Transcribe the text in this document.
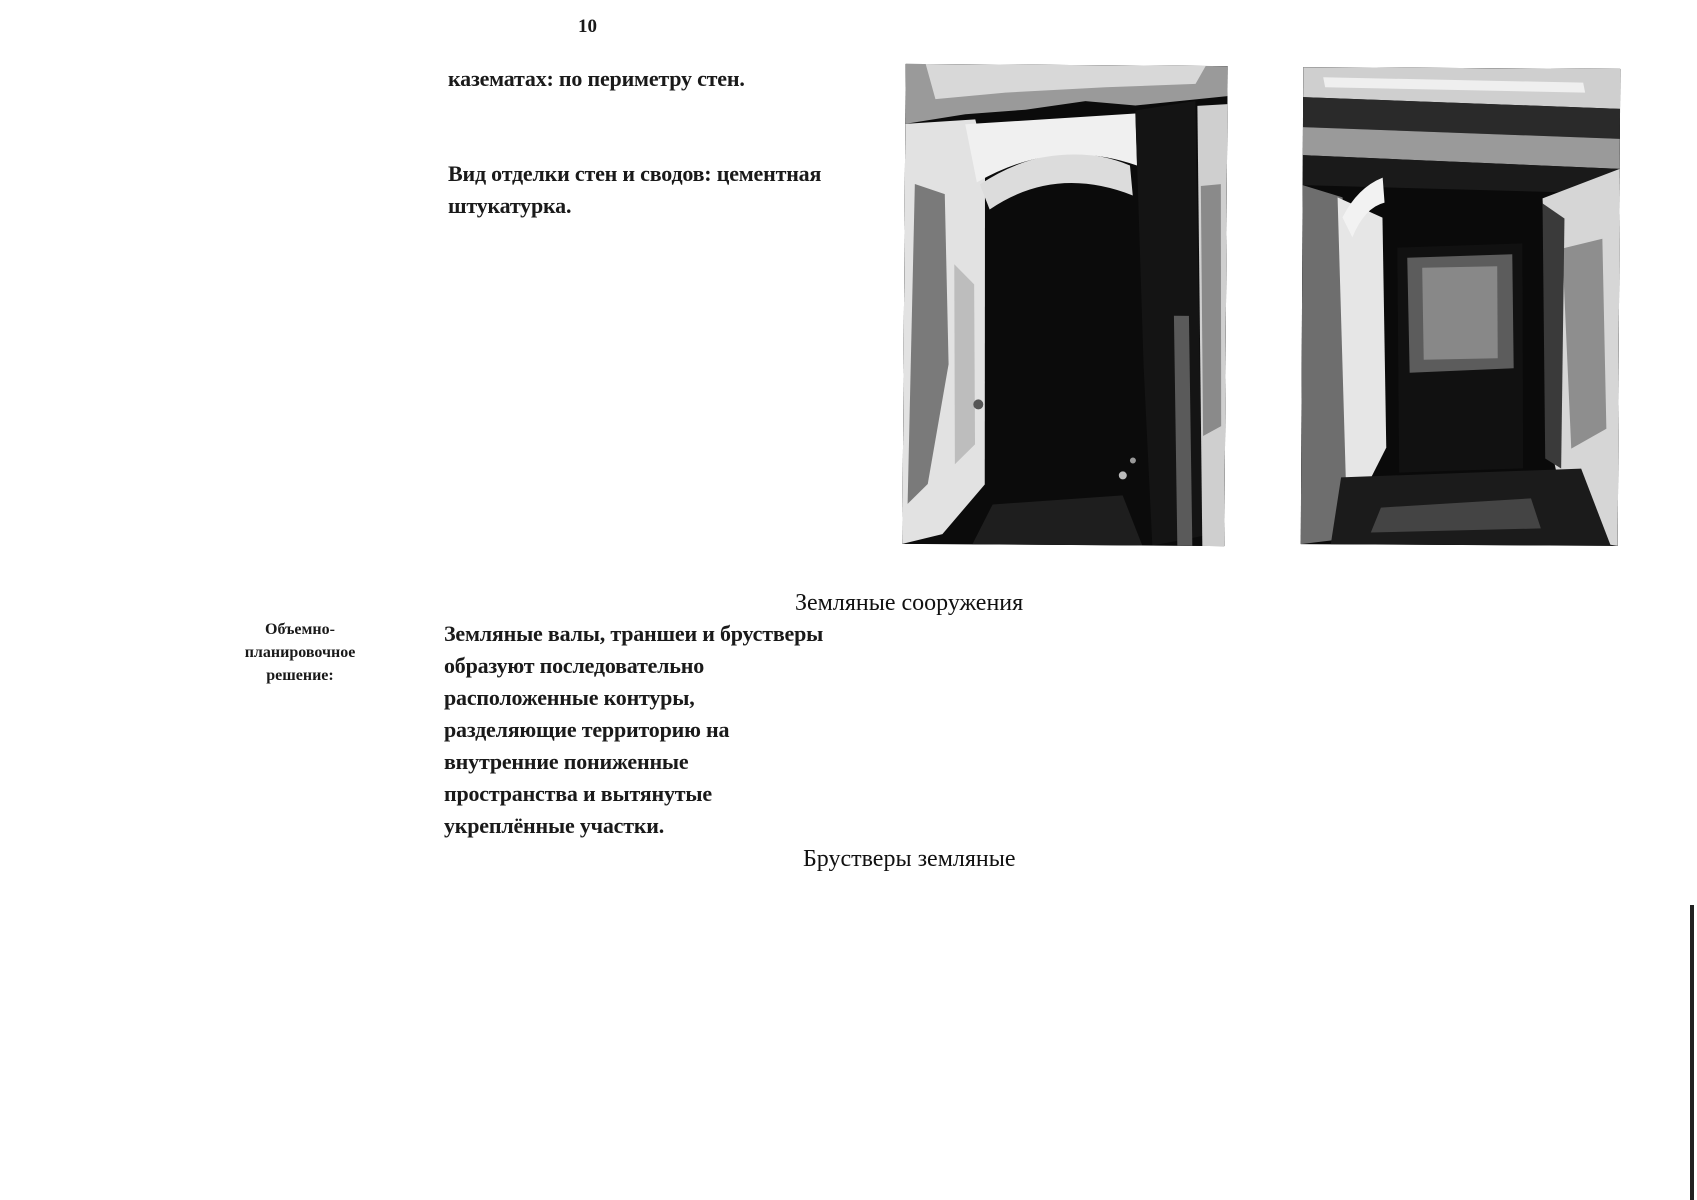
10
казематах: по периметру стен.
Вид отделки стен и сводов: цементная
штукатурка.
Земляные сооружения
Объемно-
планировочное
решение:
Земляные валы, траншеи и брустверы
образуют последовательно
расположенные контуры,
разделяющие территорию на
внутренние пониженные
пространства и вытянутые
укреплённые участки.
Брустверы земляные
